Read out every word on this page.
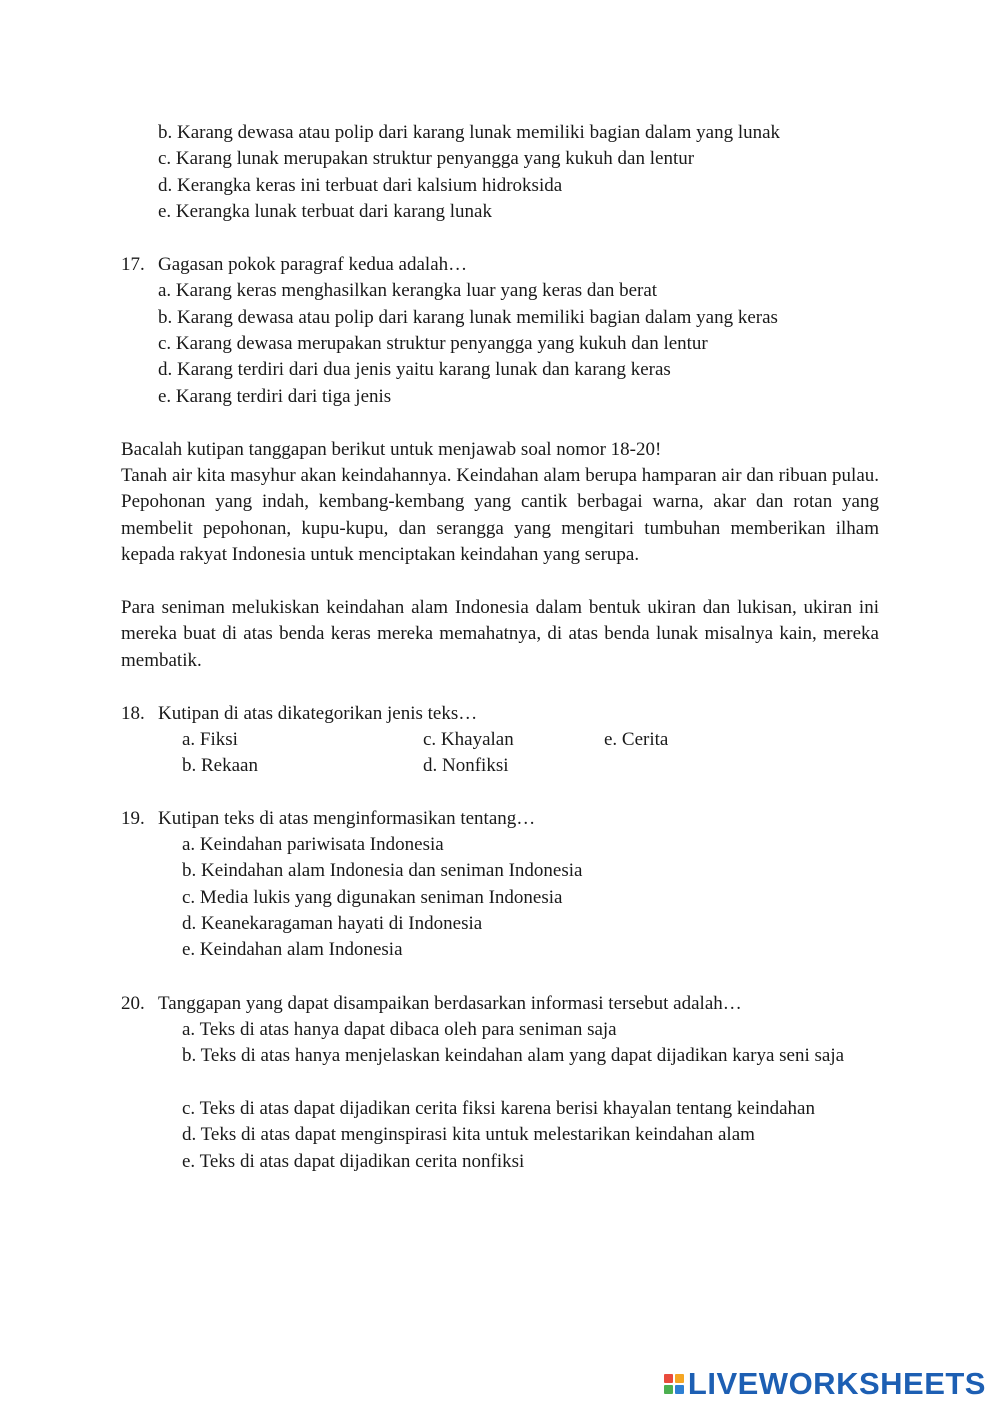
b. Karang dewasa atau polip dari karang lunak memiliki bagian dalam yang lunak
c. Karang lunak merupakan struktur penyangga yang kukuh dan lentur
d. Kerangka keras ini terbuat dari kalsium hidroksida
e. Kerangka lunak terbuat dari karang lunak
17. Gagasan pokok paragraf kedua adalah…
a. Karang keras menghasilkan kerangka luar yang keras dan berat
b. Karang dewasa atau polip dari karang lunak memiliki bagian dalam yang keras
c. Karang dewasa merupakan struktur penyangga yang kukuh dan lentur
d. Karang terdiri dari dua jenis yaitu karang lunak dan karang keras
e. Karang terdiri dari tiga jenis
Bacalah kutipan tanggapan berikut untuk menjawab soal nomor 18-20!
Tanah air kita masyhur akan keindahannya. Keindahan alam berupa hamparan air dan ribuan pulau. Pepohonan yang indah, kembang-kembang yang cantik berbagai warna, akar dan rotan yang membelit pepohonan, kupu-kupu, dan serangga yang mengitari tumbuhan memberikan ilham kepada rakyat Indonesia untuk menciptakan keindahan yang serupa.
Para seniman melukiskan keindahan alam Indonesia dalam bentuk ukiran dan lukisan, ukiran ini mereka buat di atas benda keras mereka memahatnya, di atas benda lunak misalnya kain, mereka membatik.
18. Kutipan di atas dikategorikan jenis teks…
a. Fiksi	c. Khayalan	e. Cerita
b. Rekaan	d. Nonfiksi
19. Kutipan teks di atas menginformasikan tentang…
a. Keindahan pariwisata Indonesia
b. Keindahan alam Indonesia dan seniman Indonesia
c. Media lukis yang digunakan seniman Indonesia
d. Keanekaragaman hayati di Indonesia
e. Keindahan alam Indonesia
20. Tanggapan yang dapat disampaikan berdasarkan informasi tersebut adalah…
a. Teks di atas hanya dapat dibaca oleh para seniman saja
b. Teks di atas hanya menjelaskan keindahan alam yang dapat dijadikan karya seni saja
c. Teks di atas dapat dijadikan cerita fiksi karena berisi khayalan tentang keindahan
d. Teks di atas dapat menginspirasi kita untuk melestarikan keindahan alam
e. Teks di atas dapat dijadikan cerita nonfiksi
LIVEWORKSHEETS
